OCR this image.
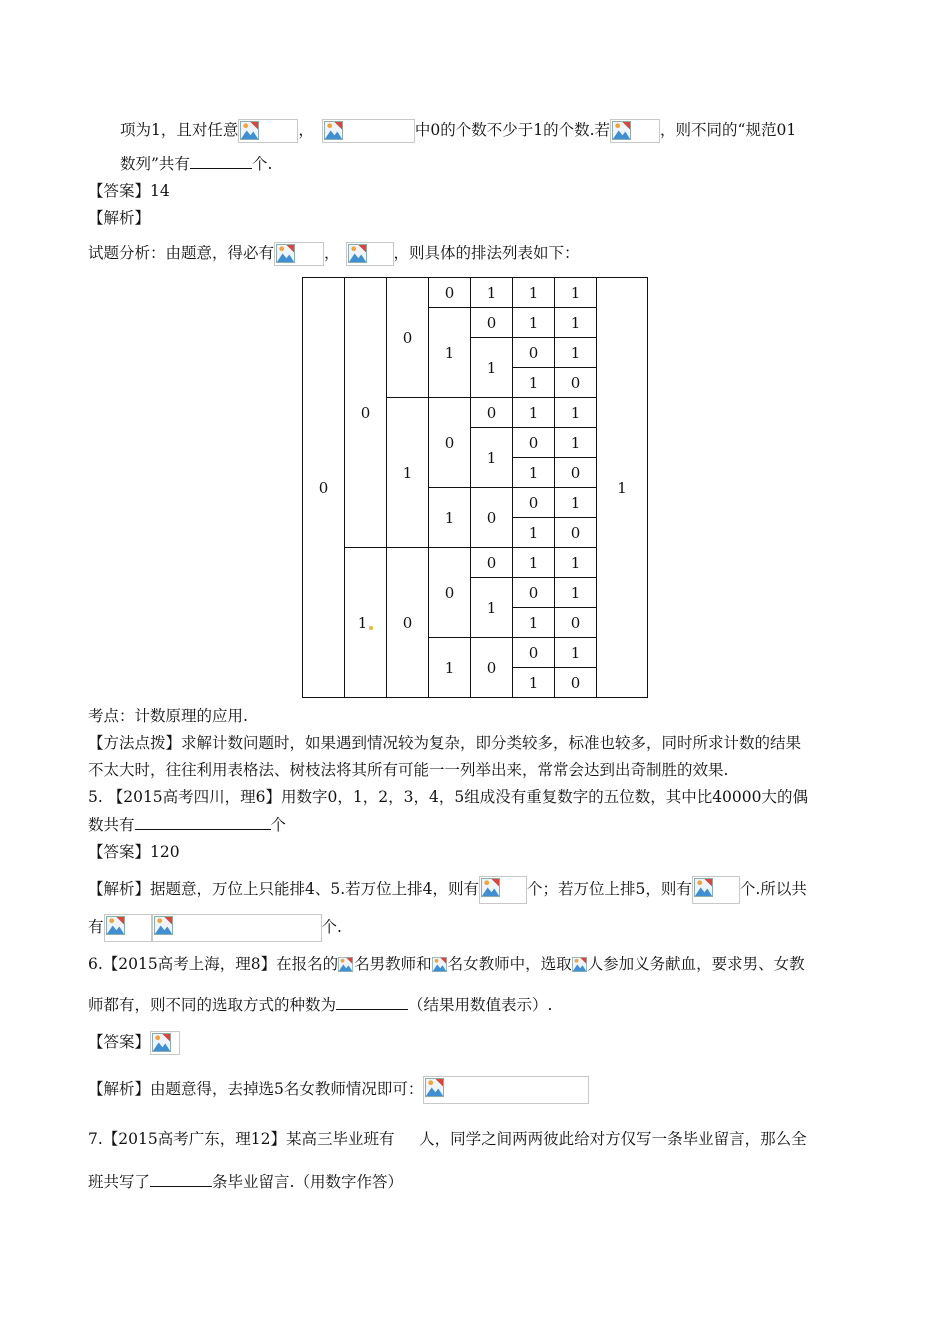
项为1，且对任意	，	中0的个数不少于1的个数.若	，则不同的“规范01
数列”共有	个.
【答案】14
【解析】
试题分析：由题意，得必有	，	，则具体的排法列表如下：
0	0	0	0	1	1	1	1
			1	0	1	1	
				1	0	1	
					1	0	
		1	0	0	1	1	
				1	0	1	
					1	0	
			1	0	0	1	
					1	0	
	1	0	0	0	1	1	
				1	0	1	
					1	0	
			1	0	0	1	
					1	0	
考点：计数原理的应用.
【方法点拨】求解计数问题时，如果遇到情况较为复杂，即分类较多，标准也较多，同时所求计数的结果
不太大时，往往利用表格法、树枝法将其所有可能一一列举出来，常常会达到出奇制胜的效果.
5. 【2015高考四川，理6】用数字0，1，2，3，4，5组成没有重复数字的五位数，其中比40000大的偶
数共有	个
【答案】120
【解析】据题意，万位上只能排4、5.若万位上排4，则有	个；若万位上排5，则有	个.所以共
有	个.
6.【2015高考上海，理8】在报名的 名男教师和 名女教师中，选取 人参加义务献血，要求男、女教
师都有，则不同的选取方式的种数为	（结果用数值表示）.
【答案】
【解析】由题意得，去掉选5名女教师情况即可：
7.【2015高考广东，理12】某高三毕业班有     人，同学之间两两彼此给对方仅写一条毕业留言，那么全
班共写了	条毕业留言.（用数字作答）
